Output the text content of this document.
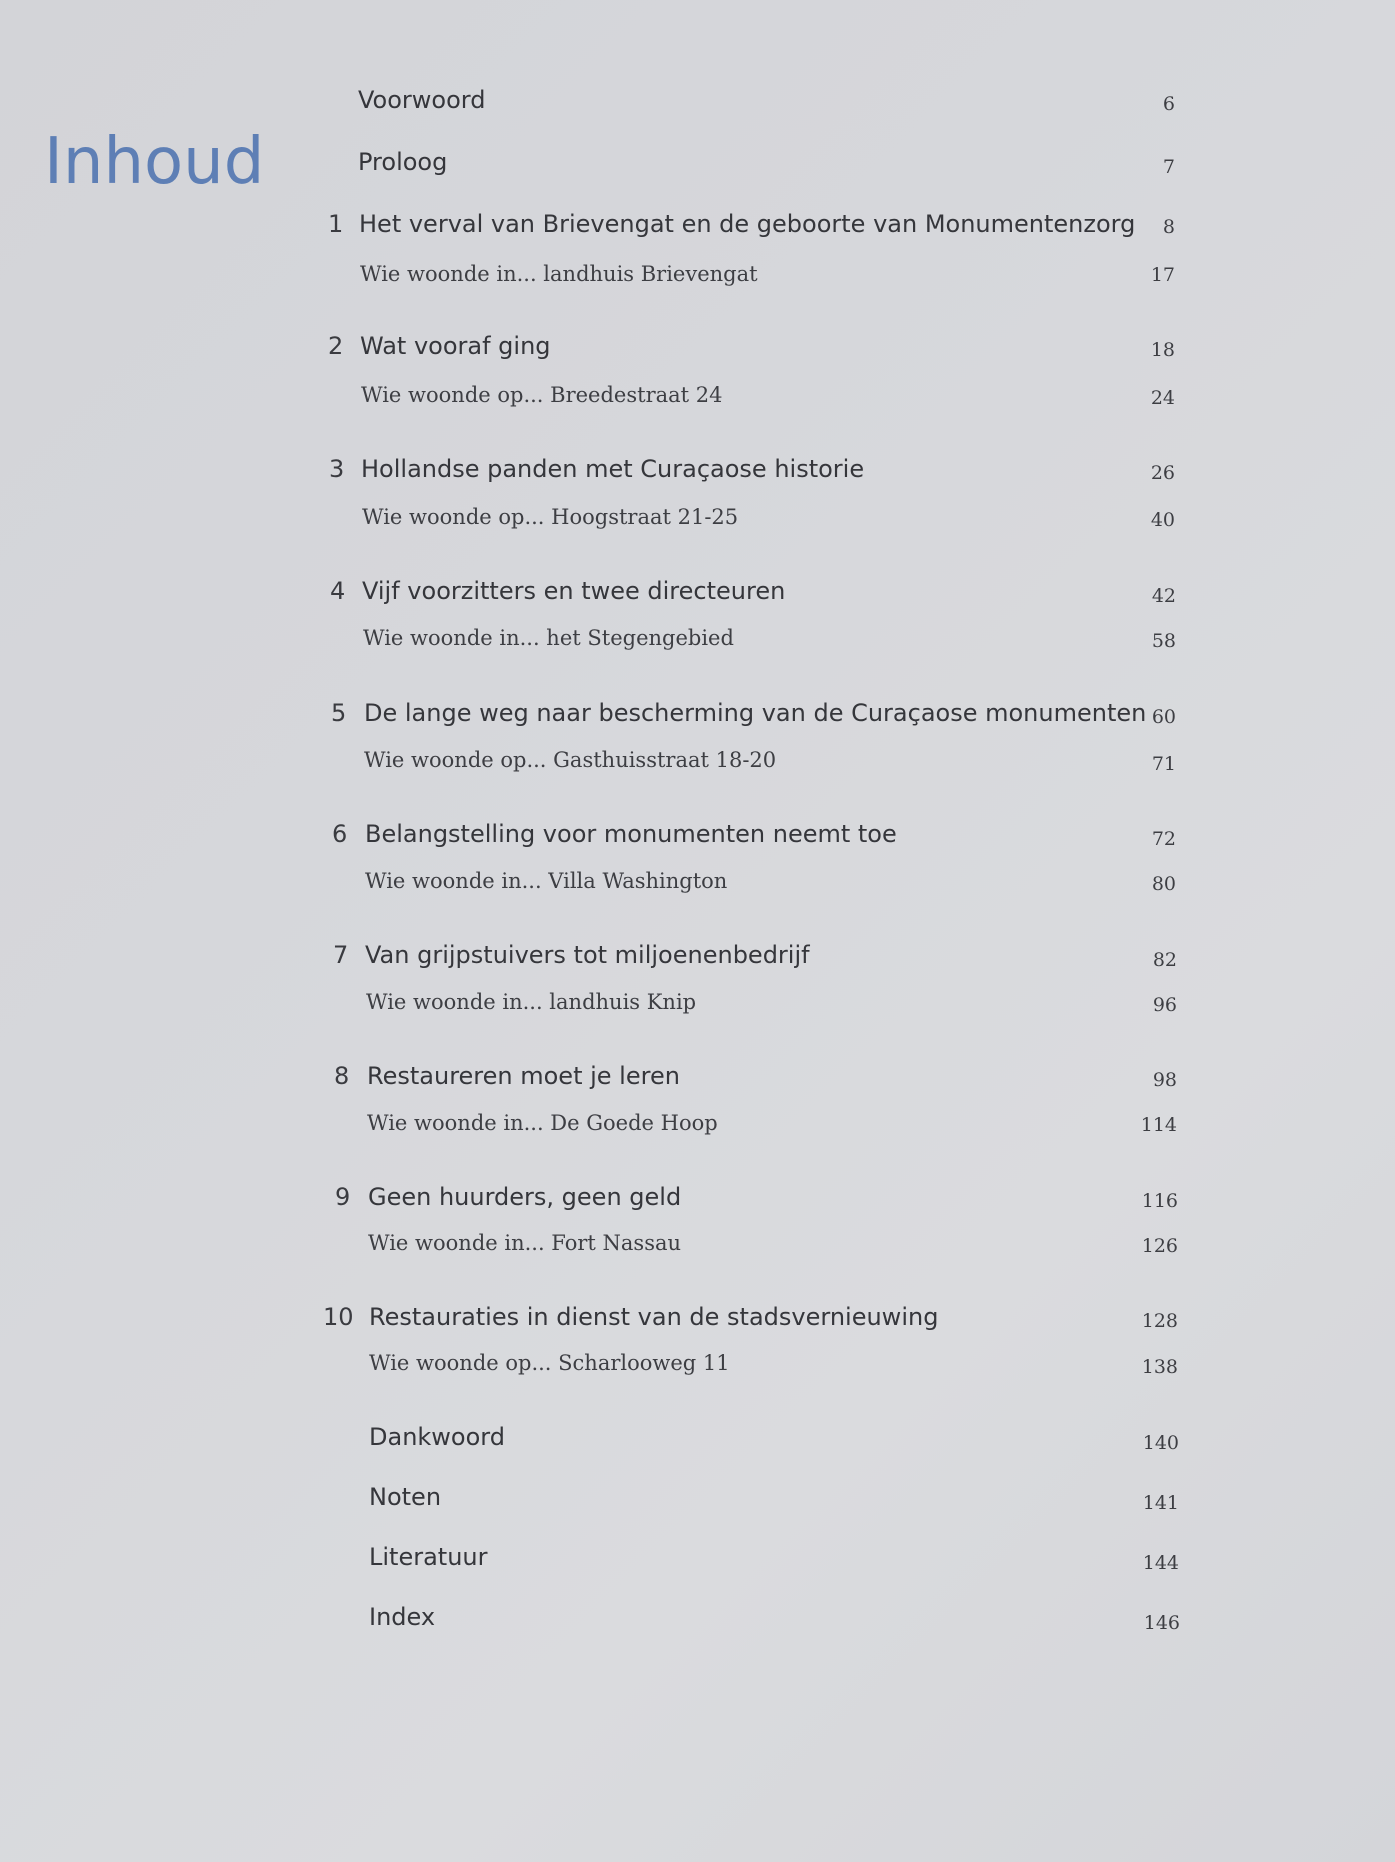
Inhoud
Voorwoord	6
Proloog	7
1 Het verval van Brievengat en de geboorte van Monumentenzorg	8
Wie woonde in... landhuis Brievengat	17
2 Wat vooraf ging	18
Wie woonde op... Breedestraat 24	24
3 Hollandse panden met Curaçaose historie	26
Wie woonde op... Hoogstraat 21-25	40
4 Vijf voorzitters en twee directeuren	42
Wie woonde in... het Stegengebied	58
5 De lange weg naar bescherming van de Curaçaose monumenten 60
Wie woonde op... Gasthuisstraat 18-20	71
6 Belangstelling voor monumenten neemt toe	72
Wie woonde in... Villa Washington	80
7 Van grijpstuivers tot miljoenenbedrijf	82
Wie woonde in... landhuis Knip	96
8 Restaureren moet je leren	98
Wie woonde in... De Goede Hoop	114
9 Geen huurders, geen geld	116
Wie woonde in... Fort Nassau	126
10 Restauraties in dienst van de stadsvernieuwing	128
Wie woonde op... Scharlooweg 11	138
Dankwoord	140
Noten	141
Literatuur	144
Index	146
